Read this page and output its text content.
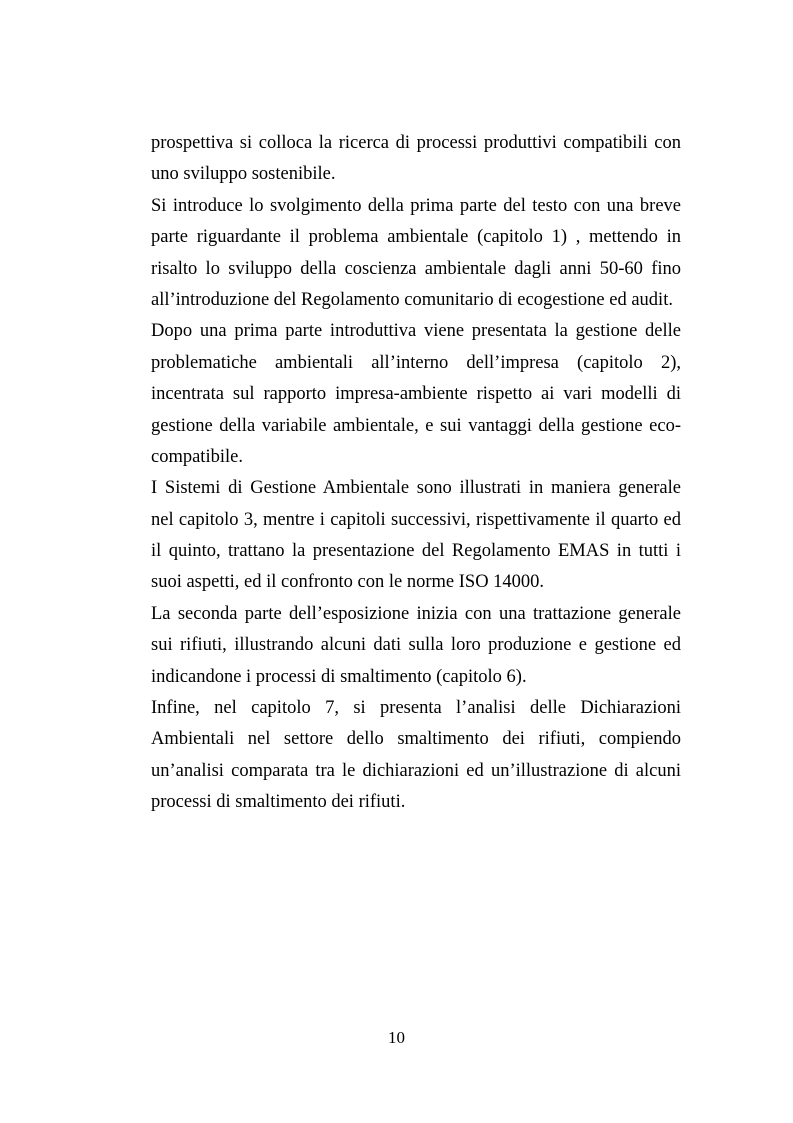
prospettiva si colloca la ricerca di processi produttivi compatibili con
uno sviluppo sostenibile.
Si introduce lo svolgimento della prima parte del testo con una breve
parte riguardante il problema ambientale (capitolo 1) , mettendo in
risalto lo sviluppo della coscienza ambientale dagli anni 50-60 fino
all’introduzione del Regolamento comunitario di ecogestione ed audit.
Dopo una prima parte introduttiva viene presentata la gestione delle
problematiche ambientali all’interno dell’impresa (capitolo 2),
incentrata sul rapporto impresa-ambiente rispetto ai vari modelli di
gestione della variabile ambientale, e sui vantaggi della gestione eco-
compatibile.
I Sistemi di Gestione Ambientale sono illustrati in maniera generale
nel capitolo 3, mentre i capitoli successivi, rispettivamente il quarto ed
il quinto, trattano la presentazione del Regolamento EMAS in tutti i
suoi aspetti, ed il confronto con le norme ISO 14000.
La seconda parte dell’esposizione inizia con una trattazione generale
sui rifiuti, illustrando alcuni dati sulla loro produzione e gestione ed
indicandone i processi di smaltimento (capitolo 6).
Infine, nel capitolo 7, si presenta l’analisi delle Dichiarazioni
Ambientali nel settore dello smaltimento dei rifiuti, compiendo
un’analisi comparata tra le dichiarazioni ed un’illustrazione di alcuni
processi di smaltimento dei rifiuti.
10
